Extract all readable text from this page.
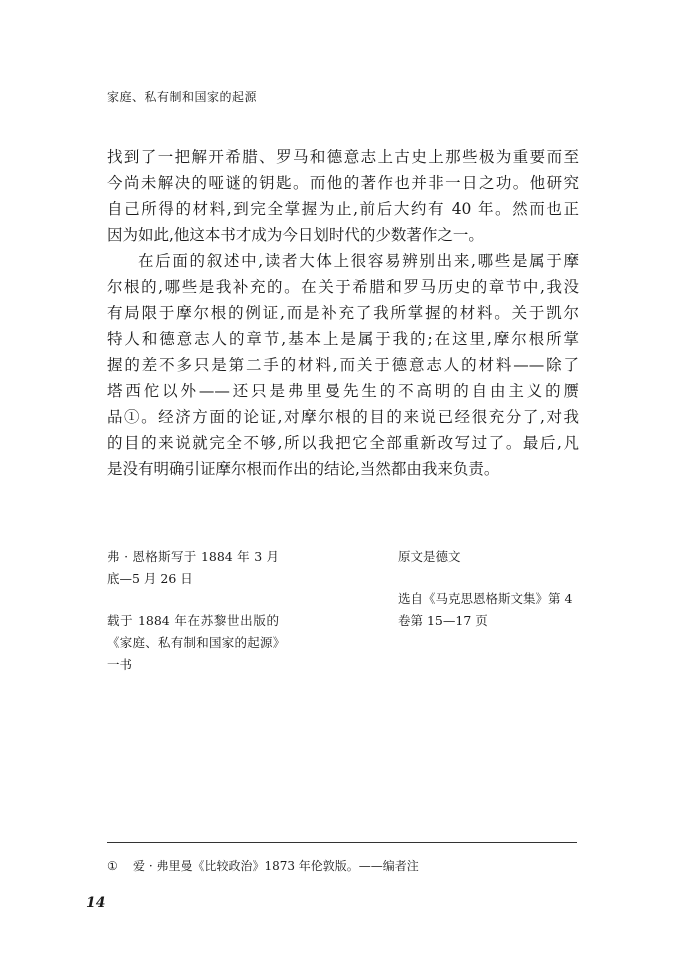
家庭、私有制和国家的起源

找到了一把解开希腊、罗马和德意志上古史上那些极为重要而至

今尚未解决的哑谜的钥匙。而他的著作也并非一日之功。他研究

自己所得的材料,到完全掌握为止,前后大约有 40 年。然而也正

因为如此,他这本书才成为今日划时代的少数著作之一。

在后面的叙述中,读者大体上很容易辨别出来,哪些是属于摩

尔根的,哪些是我补充的。在关于希腊和罗马历史的章节中,我没

有局限于摩尔根的例证,而是补充了我所掌握的材料。关于凯尔

特人和德意志人的章节,基本上是属于我的;在这里,摩尔根所掌

握的差不多只是第二手的材料,而关于德意志人的材料——除了

塔西佗以外——还只是弗里曼先生的不高明的自由主义的赝

品①。经济方面的论证,对摩尔根的目的来说已经很充分了,对我

的目的来说就完全不够,所以我把它全部重新改写过了。最后,凡

是没有明确引证摩尔根而作出的结论,当然都由我来负责。

弗 · 恩格斯写于 1884 年 3 月底—5 月 26 日

载于 1884 年在苏黎世出版的《家庭、私有制和国家的起源》一书

原文是德文

选自《马克思恩格斯文集》第 4 卷第 15—17 页

① 爱 · 弗里曼《比较政治》1873 年伦敦版。——编者注
14
